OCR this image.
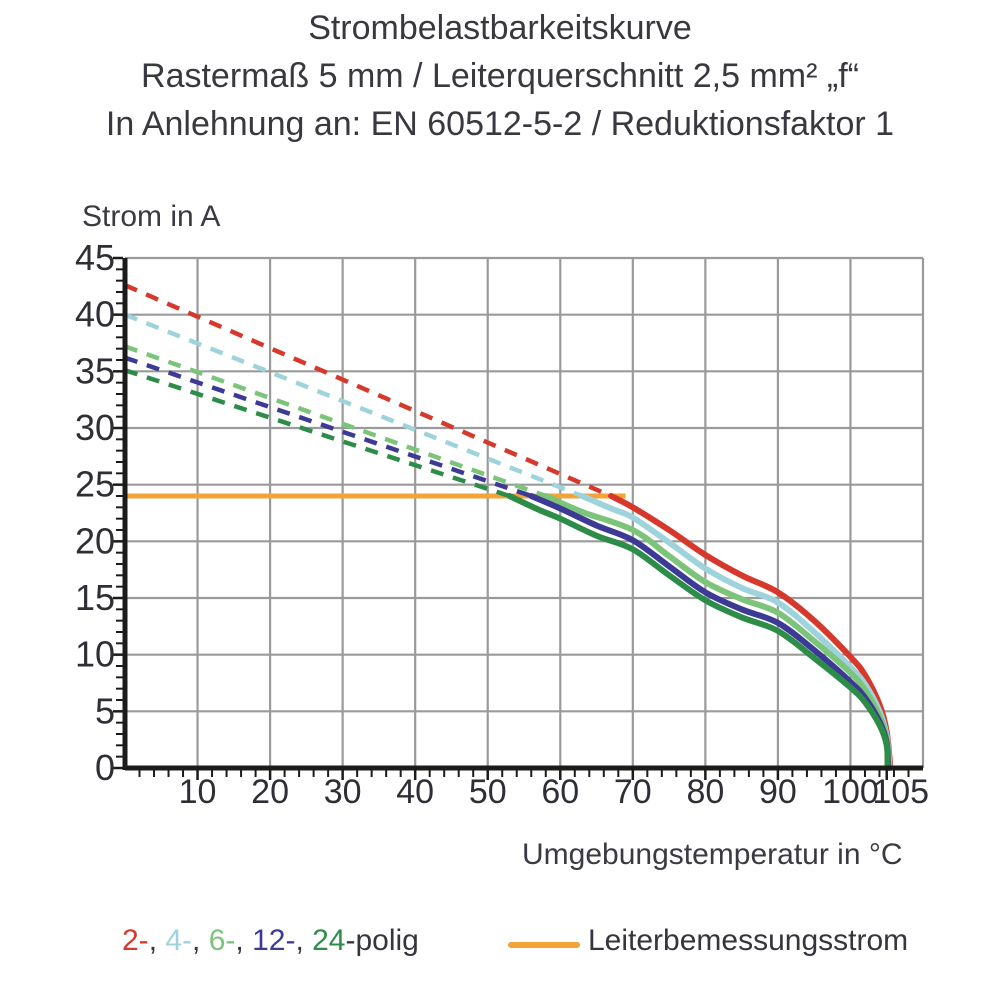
Strombelastbarkeitskurve
Rastermaß 5 mm / Leiterquerschnitt 2,5 mm² „f“
In Anlehnung an: EN 60512-5-2 / Reduktionsfaktor 1
Strom in A
10 20 30 40 50 60 70 80 90 100
105
0
5
10
15
20
25
30
35
40
45
Umgebungstemperatur in °C
2-, 4-, 6-, 12-, 24-polig	Leiterbemessungsstrom
